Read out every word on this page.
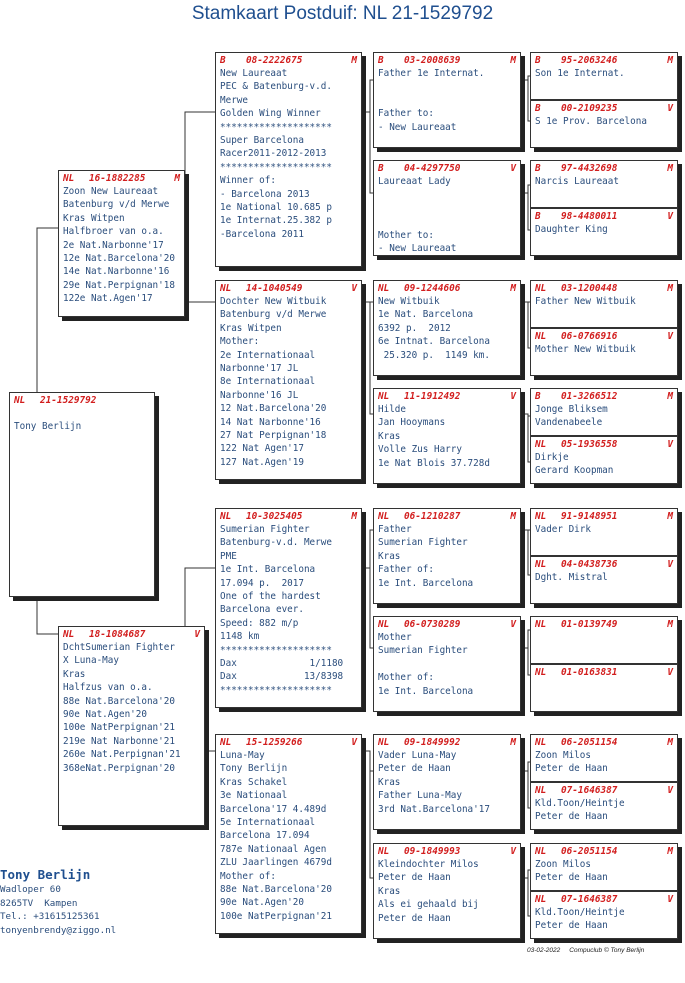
Stamkaart Postduif: NL 21-1529792
NL	21-1529792
Tony Berlijn
NL	16-1882285	M
Zoon New Laureaat
Batenburg v/d Merwe
Kras Witpen
Halfbroer van o.a.
2e Nat.Narbonne'17
12e Nat.Barcelona'20
14e Nat.Narbonne'16
29e Nat.Perpignan'18
122e Nat.Agen'17
NL	18-1084687	V
DchtSumerian Fighter
X Luna-May
Kras
Halfzus van o.a.
88e Nat.Barcelona'20
90e Nat.Agen'20
100e NatPerpignan'21
219e Nat Narbonne'21
260e Nat.Perpignan'21
368eNat.Perpignan'20
B	08-2222675	M
New Laureaat
PEC & Batenburg-v.d.
Merwe
Golden Wing Winner
********************
Super Barcelona
Racer2011-2012-2013
********************
Winner of:
- Barcelona 2013
1e National 10.685 p
1e Internat.25.382 p
-Barcelona 2011
NL	14-1040549	V
Dochter New Witbuik
Batenburg v/d Merwe
Kras Witpen
Mother:
2e Internationaal
Narbonne'17 JL
8e Internationaal
Narbonne'16 JL
12 Nat.Barcelona'20
14 Nat Narbonne'16
27 Nat Perpignan'18
122 Nat Agen'17
127 Nat.Agen'19
NL	10-3025405	M
Sumerian Fighter
Batenburg-v.d. Merwe
PME
1e Int. Barcelona
17.094 p.  2017
One of the hardest
Barcelona ever.
Speed: 882 m/p
1148 km
********************
Dax             1/1180
Dax            13/8398
********************
NL	15-1259266	V
Luna-May
Tony Berlijn
Kras Schakel
3e Nationaal
Barcelona'17 4.489d
5e Internationaal
Barcelona 17.094
787e Nationaal Agen
ZLU Jaarlingen 4679d
Mother of:
88e Nat.Barcelona'20
90e Nat.Agen'20
100e NatPerpignan'21
B	03-2008639	M
Father 1e Internat.
Father to:
- New Laureaat
B	04-4297750	V
Laureaat Lady
Mother to:
- New Laureaat
NL	09-1244606	M
New Witbuik
1e Nat. Barcelona
6392 p.  2012
6e Intnat. Barcelona
25.320 p.  1149 km.
NL	11-1912492	V
Hilde
Jan Hooymans
Kras
Volle Zus Harry
1e Nat Blois 37.728d
NL	06-1210287	M
Father
Sumerian Fighter
Kras
Father of:
1e Int. Barcelona
NL	06-0730289	V
Mother
Sumerian Fighter
Mother of:
1e Int. Barcelona
NL	09-1849992	M
Vader Luna-May
Peter de Haan
Kras
Father Luna-May
3rd Nat.Barcelona'17
NL	09-1849993	V
Kleindochter Milos
Peter de Haan
Kras
Als ei gehaald bij
Peter de Haan
B	95-2063246	M
Son 1e Internat.
B	00-2109235	V
S 1e Prov. Barcelona
B	97-4432698	M
Narcis Laureaat
B	98-4480011	V
Daughter King
NL	03-1200448	M
Father New Witbuik
NL	06-0766916	V
Mother New Witbuik
B	01-3266512	M
Jonge Bliksem
Vandenabeele
NL	05-1936558	V
Dirkje
Gerard Koopman
NL	91-9148951	M
Vader Dirk
NL	04-0438736	V
Dght. Mistral
NL	01-0139749	M
NL	01-0163831	V
NL	06-2051154	M
Zoon Milos
Peter de Haan
NL	07-1646387	V
Kld.Toon/Heintje
Peter de Haan
NL	06-2051154	M
Zoon Milos
Peter de Haan
NL	07-1646387	V
Kld.Toon/Heintje
Peter de Haan
Tony Berlijn
Wadloper 60
8265TV  Kampen
Tel.: +31615125361
tonyenbrendy@ziggo.nl
03-02-2022     Compuclub © Tony Berlijn
